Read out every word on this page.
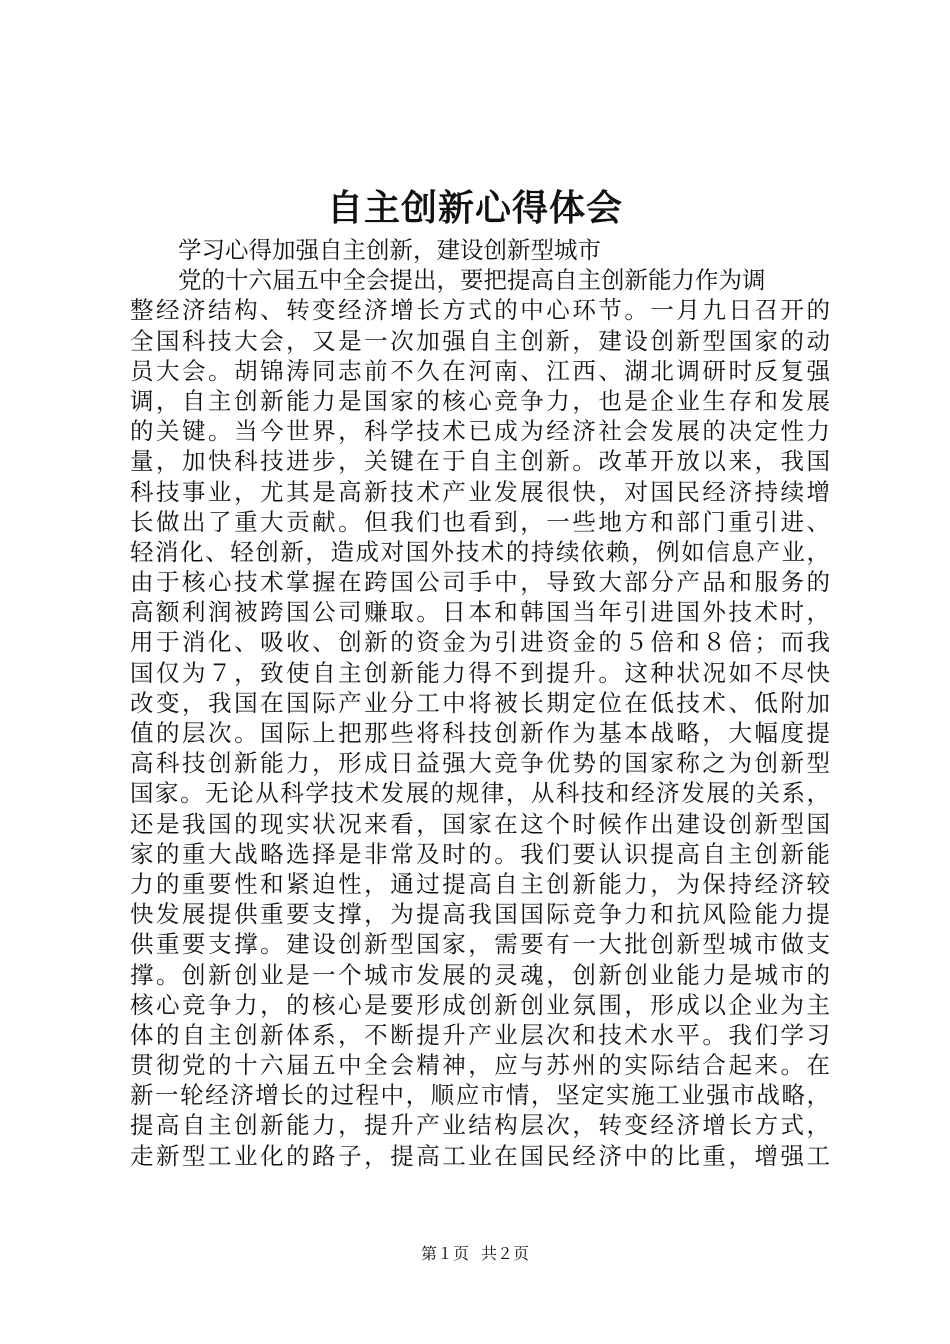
自主创新心得体会
学习心得加强自主创新，建设创新型城市
党的十六届五中全会提出，要把提高自主创新能力作为调
整经济结构、转变经济增长方式的中心环节。一月九日召开的
全国科技大会，又是一次加强自主创新，建设创新型国家的动
员大会。胡锦涛同志前不久在河南、江西、湖北调研时反复强
调，自主创新能力是国家的核心竞争力，也是企业生存和发展
的关键。当今世界，科学技术已成为经济社会发展的决定性力
量，加快科技进步，关键在于自主创新。改革开放以来，我国
科技事业，尤其是高新技术产业发展很快，对国民经济持续增
长做出了重大贡献。但我们也看到，一些地方和部门重引进、
轻消化、轻创新，造成对国外技术的持续依赖，例如信息产业，
由于核心技术掌握在跨国公司手中，导致大部分产品和服务的
高额利润被跨国公司赚取。日本和韩国当年引进国外技术时，
用于消化、吸收、创新的资金为引进资金的５倍和８倍；而我
国仅为７，致使自主创新能力得不到提升。这种状况如不尽快
改变，我国在国际产业分工中将被长期定位在低技术、低附加
值的层次。国际上把那些将科技创新作为基本战略，大幅度提
高科技创新能力，形成日益强大竞争优势的国家称之为创新型
国家。无论从科学技术发展的规律，从科技和经济发展的关系，
还是我国的现实状况来看，国家在这个时候作出建设创新型国
家的重大战略选择是非常及时的。我们要认识提高自主创新能
力的重要性和紧迫性，通过提高自主创新能力，为保持经济较
快发展提供重要支撑，为提高我国国际竞争力和抗风险能力提
供重要支撑。建设创新型国家，需要有一大批创新型城市做支
撑。创新创业是一个城市发展的灵魂，创新创业能力是城市的
核心竞争力，的核心是要形成创新创业氛围，形成以企业为主
体的自主创新体系，不断提升产业层次和技术水平。我们学习
贯彻党的十六届五中全会精神，应与苏州的实际结合起来。在
新一轮经济增长的过程中，顺应市情，坚定实施工业强市战略，
提高自主创新能力，提升产业结构层次，转变经济增长方式，
走新型工业化的路子，提高工业在国民经济中的比重，增强工
第１页 共２页
